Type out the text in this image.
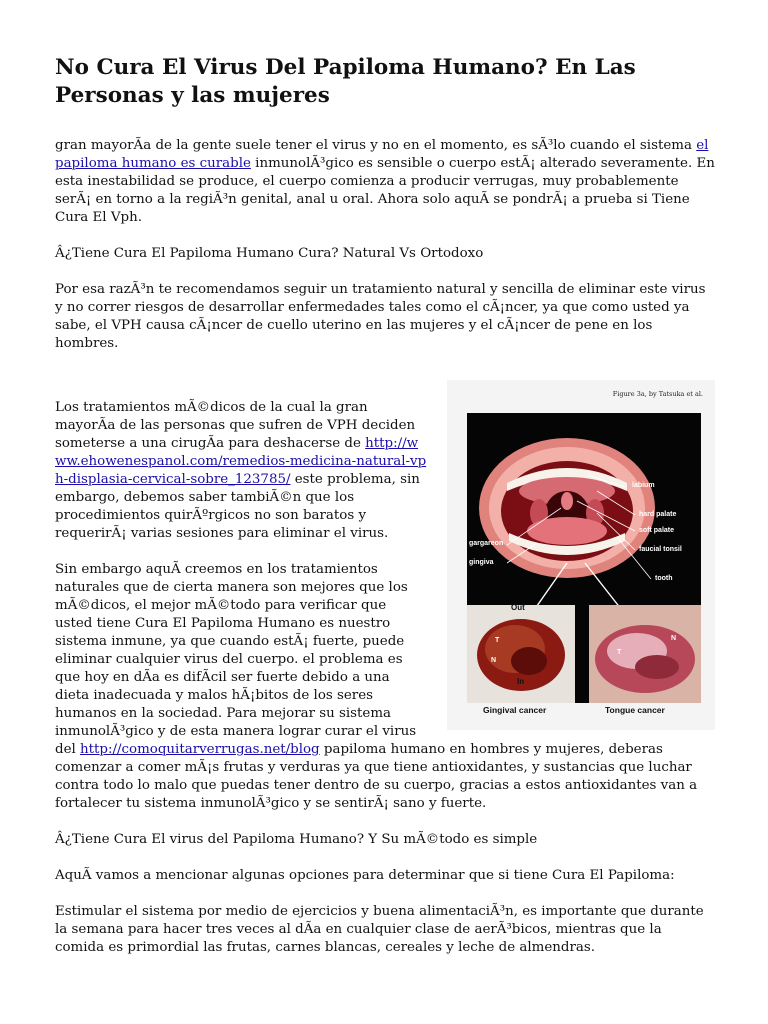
No Cura El Virus Del Papiloma Humano? En Las Personas y las mujeres

gran mayorÃa de la gente suele tener el virus y no en el momento, es sÃ³lo cuando el sistema el papiloma humano es curable inmunolÃ³gico es sensible o cuerpo estÃ¡ alterado severamente. En esta inestabilidad se produce, el cuerpo comienza a producir verrugas, muy probablemente serÃ¡ en torno a la regiÃ³n genital, anal u oral. Ahora solo aquÃ se pondrÃ¡ a prueba si Tiene Cura El Vph.

Â¿Tiene Cura El Papiloma Humano Cura? Natural Vs Ortodoxo

Por esa razÃ³n te recomendamos seguir un tratamiento natural y sencilla de eliminar este virus y no correr riesgos de desarrollar enfermedades tales como el cÃ¡ncer, ya que como usted ya sabe, el VPH causa cÃ¡ncer de cuello uterino en las mujeres y el cÃ¡ncer de pene en los hombres.

Figure 3a, by Tatsuka et al.
labium
hard palate
soft palate
faucial tonsil
tooth
gargareon
gingiva
Out
In
T
N
T
N
Gingival cancer	Tongue cancer

Los tratamientos mÃ©dicos de la cual la gran mayorÃa de las personas que sufren de VPH deciden someterse a una cirugÃa para deshacerse de http://www.ehowenespanol.com/remedios-medicina-natural-vph-displasia-cervical-sobre_123785/ este problema, sin embargo, debemos saber tambiÃ©n que los procedimientos quirÃºrgicos no son baratos y requerirÃ¡ varias sesiones para eliminar el virus.

Sin embargo aquÃ creemos en los tratamientos naturales que de cierta manera son mejores que los mÃ©dicos, el mejor mÃ©todo para verificar que usted tiene Cura El Papiloma Humano es nuestro sistema inmune, ya que cuando estÃ¡ fuerte, puede eliminar cualquier virus del cuerpo. el problema es que hoy en dÃa es difÃcil ser fuerte debido a una dieta inadecuada y malos hÃ¡bitos de los seres humanos en la sociedad. Para mejorar su sistema inmunolÃ³gico y de esta manera lograr curar el virus del http://comoquitarverrugas.net/blog papiloma humano en hombres y mujeres, deberas comenzar a comer mÃ¡s frutas y verduras ya que tiene antioxidantes, y sustancias que luchar contra todo lo malo que puedas tener dentro de su cuerpo, gracias a estos antioxidantes van a fortalecer tu sistema inmunolÃ³gico y se sentirÃ¡ sano y fuerte.

Â¿Tiene Cura El virus del Papiloma Humano? Y Su mÃ©todo es simple

AquÃ vamos a mencionar algunas opciones para determinar que si tiene Cura El Papiloma:

Estimular el sistema por medio de ejercicios y buena alimentaciÃ³n, es importante que durante la semana para hacer tres veces al dÃa en cualquier clase de aerÃ³bicos, mientras que la comida es primordial las frutas, carnes blancas, cereales y leche de almendras.
